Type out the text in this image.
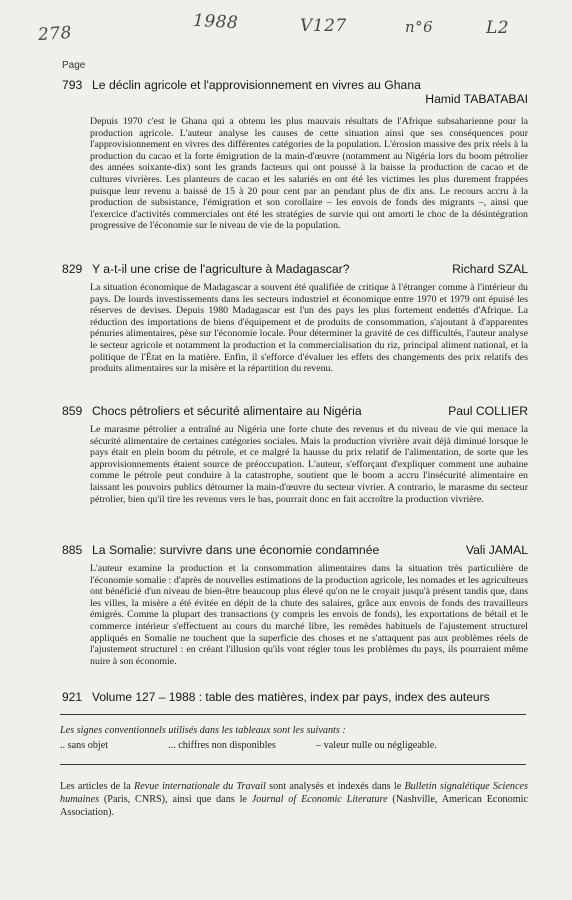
278
1988	V127	n°6	L2
Page
793 Le déclin agricole et l'approvisionnement en vivres au Ghana
Hamid TABATABAI
Depuis 1970 c'est le Ghana qui a obtenu les plus mauvais résultats de l'Afrique subsaharienne pour la production agricole. L'auteur analyse les causes de cette situation ainsi que ses conséquences pour l'approvisionnement en vivres des différentes catégories de la population. L'érosion massive des prix réels à la production du cacao et la forte émigration de la main-d'œuvre (notamment au Nigéria lors du boom pétrolier des années soixante-dix) sont les grands facteurs qui ont poussé à la baisse la production de cacao et de cultures vivrières. Les planteurs de cacao et les salariés en ont été les victimes les plus durement frappées puisque leur revenu a baissé de 15 à 20 pour cent par an pendant plus de dix ans. Le recours accru à la production de subsistance, l'émigration et son corollaire – les envois de fonds des migrants –, ainsi que l'exercice d'activités commerciales ont été les stratégies de survie qui ont amorti le choc de la désintégration progressive de l'économie sur le niveau de vie de la population.
829 Y a-t-il une crise de l'agriculture à Madagascar?	Richard SZAL
La situation économique de Madagascar a souvent été qualifiée de critique à l'étranger comme à l'intérieur du pays. De lourds investissements dans les secteurs industriel et économique entre 1970 et 1979 ont épuisé les réserves de devises. Depuis 1980 Madagascar est l'un des pays les plus fortement endettés d'Afrique. La réduction des importations de biens d'équipement et de produits de consommation, s'ajoutant à d'apparentes pénuries alimentaires, pèse sur l'économie locale. Pour déterminer la gravité de ces difficultés, l'auteur analyse le secteur agricole et notamment la production et la commercialisation du riz, principal aliment national, et la politique de l'État en la matière. Enfin, il s'efforce d'évaluer les effets des changements des prix relatifs des produits alimentaires sur la misère et la répartition du revenu.
859 Chocs pétroliers et sécurité alimentaire au Nigéria	Paul COLLIER
Le marasme pétrolier a entraîné au Nigéria une forte chute des revenus et du niveau de vie qui menace la sécurité alimentaire de certaines catégories sociales. Mais la production vivrière avait déjà diminué lorsque le pays était en plein boom du pétrole, et ce malgré la hausse du prix relatif de l'alimentation, de sorte que les approvisionnements étaient source de préoccupation. L'auteur, s'efforçant d'expliquer comment une aubaine comme le pétrole peut conduire à la catastrophe, soutient que le boom a accru l'insécurité alimentaire en laissant les pouvoirs publics détourner la main-d'œuvre du secteur vivrier. A contrario, le marasme du secteur pétrolier, bien qu'il tire les revenus vers le bas, pourrait donc en fait accroître la production vivrière.
885 La Somalie: survivre dans une économie condamnée	Vali JAMAL
L'auteur examine la production et la consommation alimentaires dans la situation très particulière de l'économie somalie : d'après de nouvelles estimations de la production agricole, les nomades et les agriculteurs ont bénéficié d'un niveau de bien-être beaucoup plus élevé qu'on ne le croyait jusqu'à présent tandis que, dans les villes, la misère a été évitée en dépit de la chute des salaires, grâce aux envois de fonds des travailleurs émigrés. Comme la plupart des transactions (y compris les envois de fonds), les exportations de bétail et le commerce intérieur s'effectuent au cours du marché libre, les remèdes habituels de l'ajustement structurel appliqués en Somalie ne touchent que la superficie des choses et ne s'attaquent pas aux problèmes réels de l'ajustement structurel : en créant l'illusion qu'ils vont régler tous les problèmes du pays, ils pourraient même nuire à son économie.
921 Volume 127 – 1988 : table des matières, index par pays, index des auteurs
Les signes conventionnels utilisés dans les tableaux sont les suivants :
.. sans objet	... chiffres non disponibles	– valeur nulle ou négligeable.
Les articles de la Revue internationale du Travail sont analysés et indexés dans le Bulletin signalétique Sciences humaines (Paris, CNRS), ainsi que dans le Journal of Economic Literature (Nashville, American Economic Association).
